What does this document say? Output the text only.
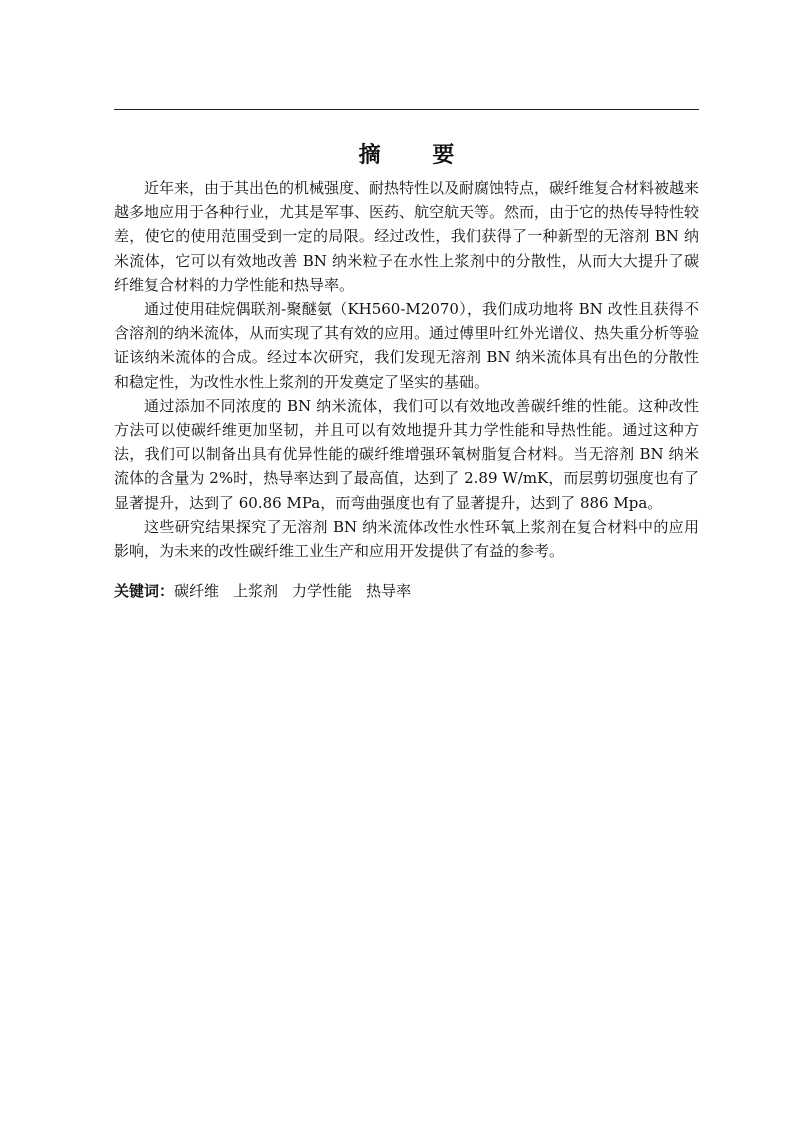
摘 要

近年来，由于其出色的机械强度、耐热特性以及耐腐蚀特点，碳纤维复合材料被越来越多地应用于各种行业，尤其是军事、医药、航空航天等。然而，由于它的热传导特性较差，使它的使用范围受到一定的局限。经过改性，我们获得了一种新型的无溶剂 BN 纳米流体，它可以有效地改善 BN 纳米粒子在水性上浆剂中的分散性，从而大大提升了碳纤维复合材料的力学性能和热导率。

通过使用硅烷偶联剂-聚醚氨（KH560-M2070），我们成功地将 BN 改性且获得不含溶剂的纳米流体，从而实现了其有效的应用。通过傅里叶红外光谱仪、热失重分析等验证该纳米流体的合成。经过本次研究，我们发现无溶剂 BN 纳米流体具有出色的分散性和稳定性，为改性水性上浆剂的开发奠定了坚实的基础。

通过添加不同浓度的 BN 纳米流体，我们可以有效地改善碳纤维的性能。这种改性方法可以使碳纤维更加坚韧，并且可以有效地提升其力学性能和导热性能。通过这种方法，我们可以制备出具有优异性能的碳纤维增强环氧树脂复合材料。当无溶剂 BN 纳米流体的含量为 2%时，热导率达到了最高值，达到了 2.89 W/mK，而层剪切强度也有了显著提升，达到了 60.86 MPa，而弯曲强度也有了显著提升，达到了 886 Mpa。

这些研究结果探究了无溶剂 BN 纳米流体改性水性环氧上浆剂在复合材料中的应用影响，为未来的改性碳纤维工业生产和应用开发提供了有益的参考。

关键词：碳纤维 上浆剂 力学性能 热导率
